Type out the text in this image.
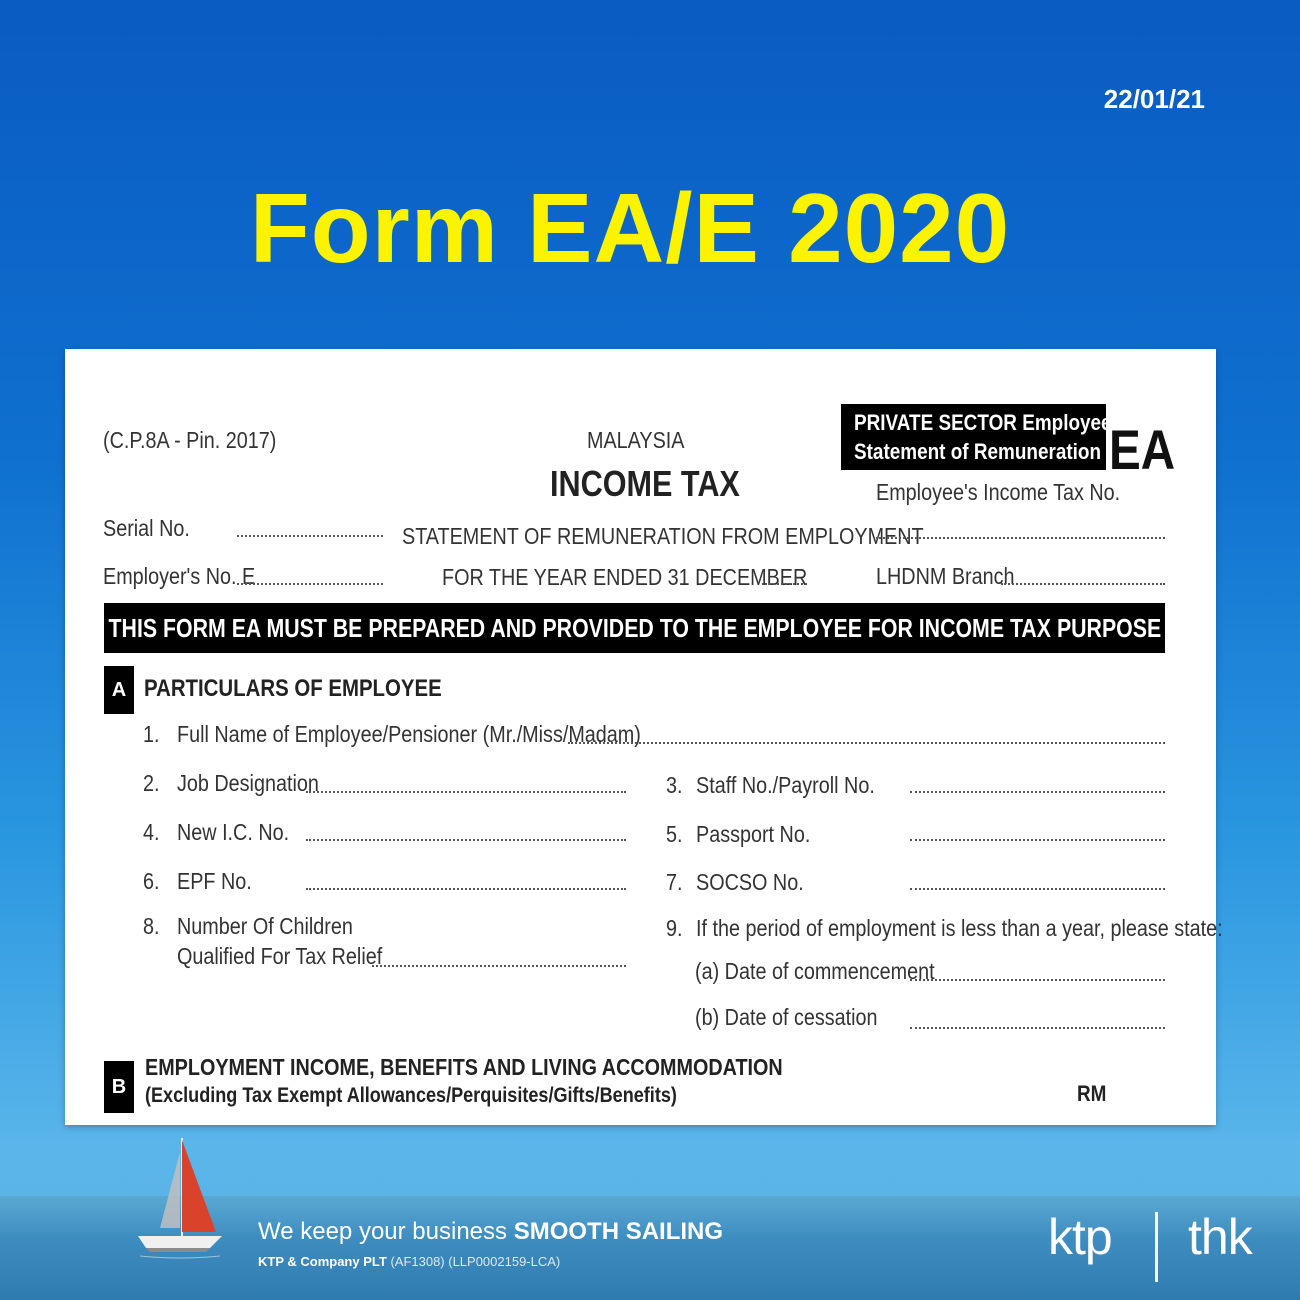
22/01/21
Form EA/E 2020
(C.P.8A - Pin. 2017)	MALAYSIA
INCOME TAX
PRIVATE SECTOR Employee's
Statement of Remuneration EA
Employee's Income Tax No.
Serial No.	STATEMENT OF REMUNERATION FROM EMPLOYMENT
Employer's No. E	FOR THE YEAR ENDED 31 DECEMBER	LHDNM Branch
THIS FORM EA MUST BE PREPARED AND PROVIDED TO THE EMPLOYEE FOR INCOME TAX PURPOSE
A PARTICULARS OF EMPLOYEE
1. Full Name of Employee/Pensioner (Mr./Miss/Madam)
2. Job Designation	3. Staff No./Payroll No.
4. New I.C. No.	5. Passport No.
6. EPF No.	7. SOCSO No.
8. Number Of Children
Qualified For Tax Relief
9. If the period of employment is less than a year, please state:
(a) Date of commencement
(b) Date of cessation
B
EMPLOYMENT INCOME, BENEFITS AND LIVING ACCOMMODATION
(Excluding Tax Exempt Allowances/Perquisites/Gifts/Benefits)	RM
We keep your business SMOOTH SAILING
KTP & Company PLT (AF1308) (LLP0002159-LCA)	ktp thk
